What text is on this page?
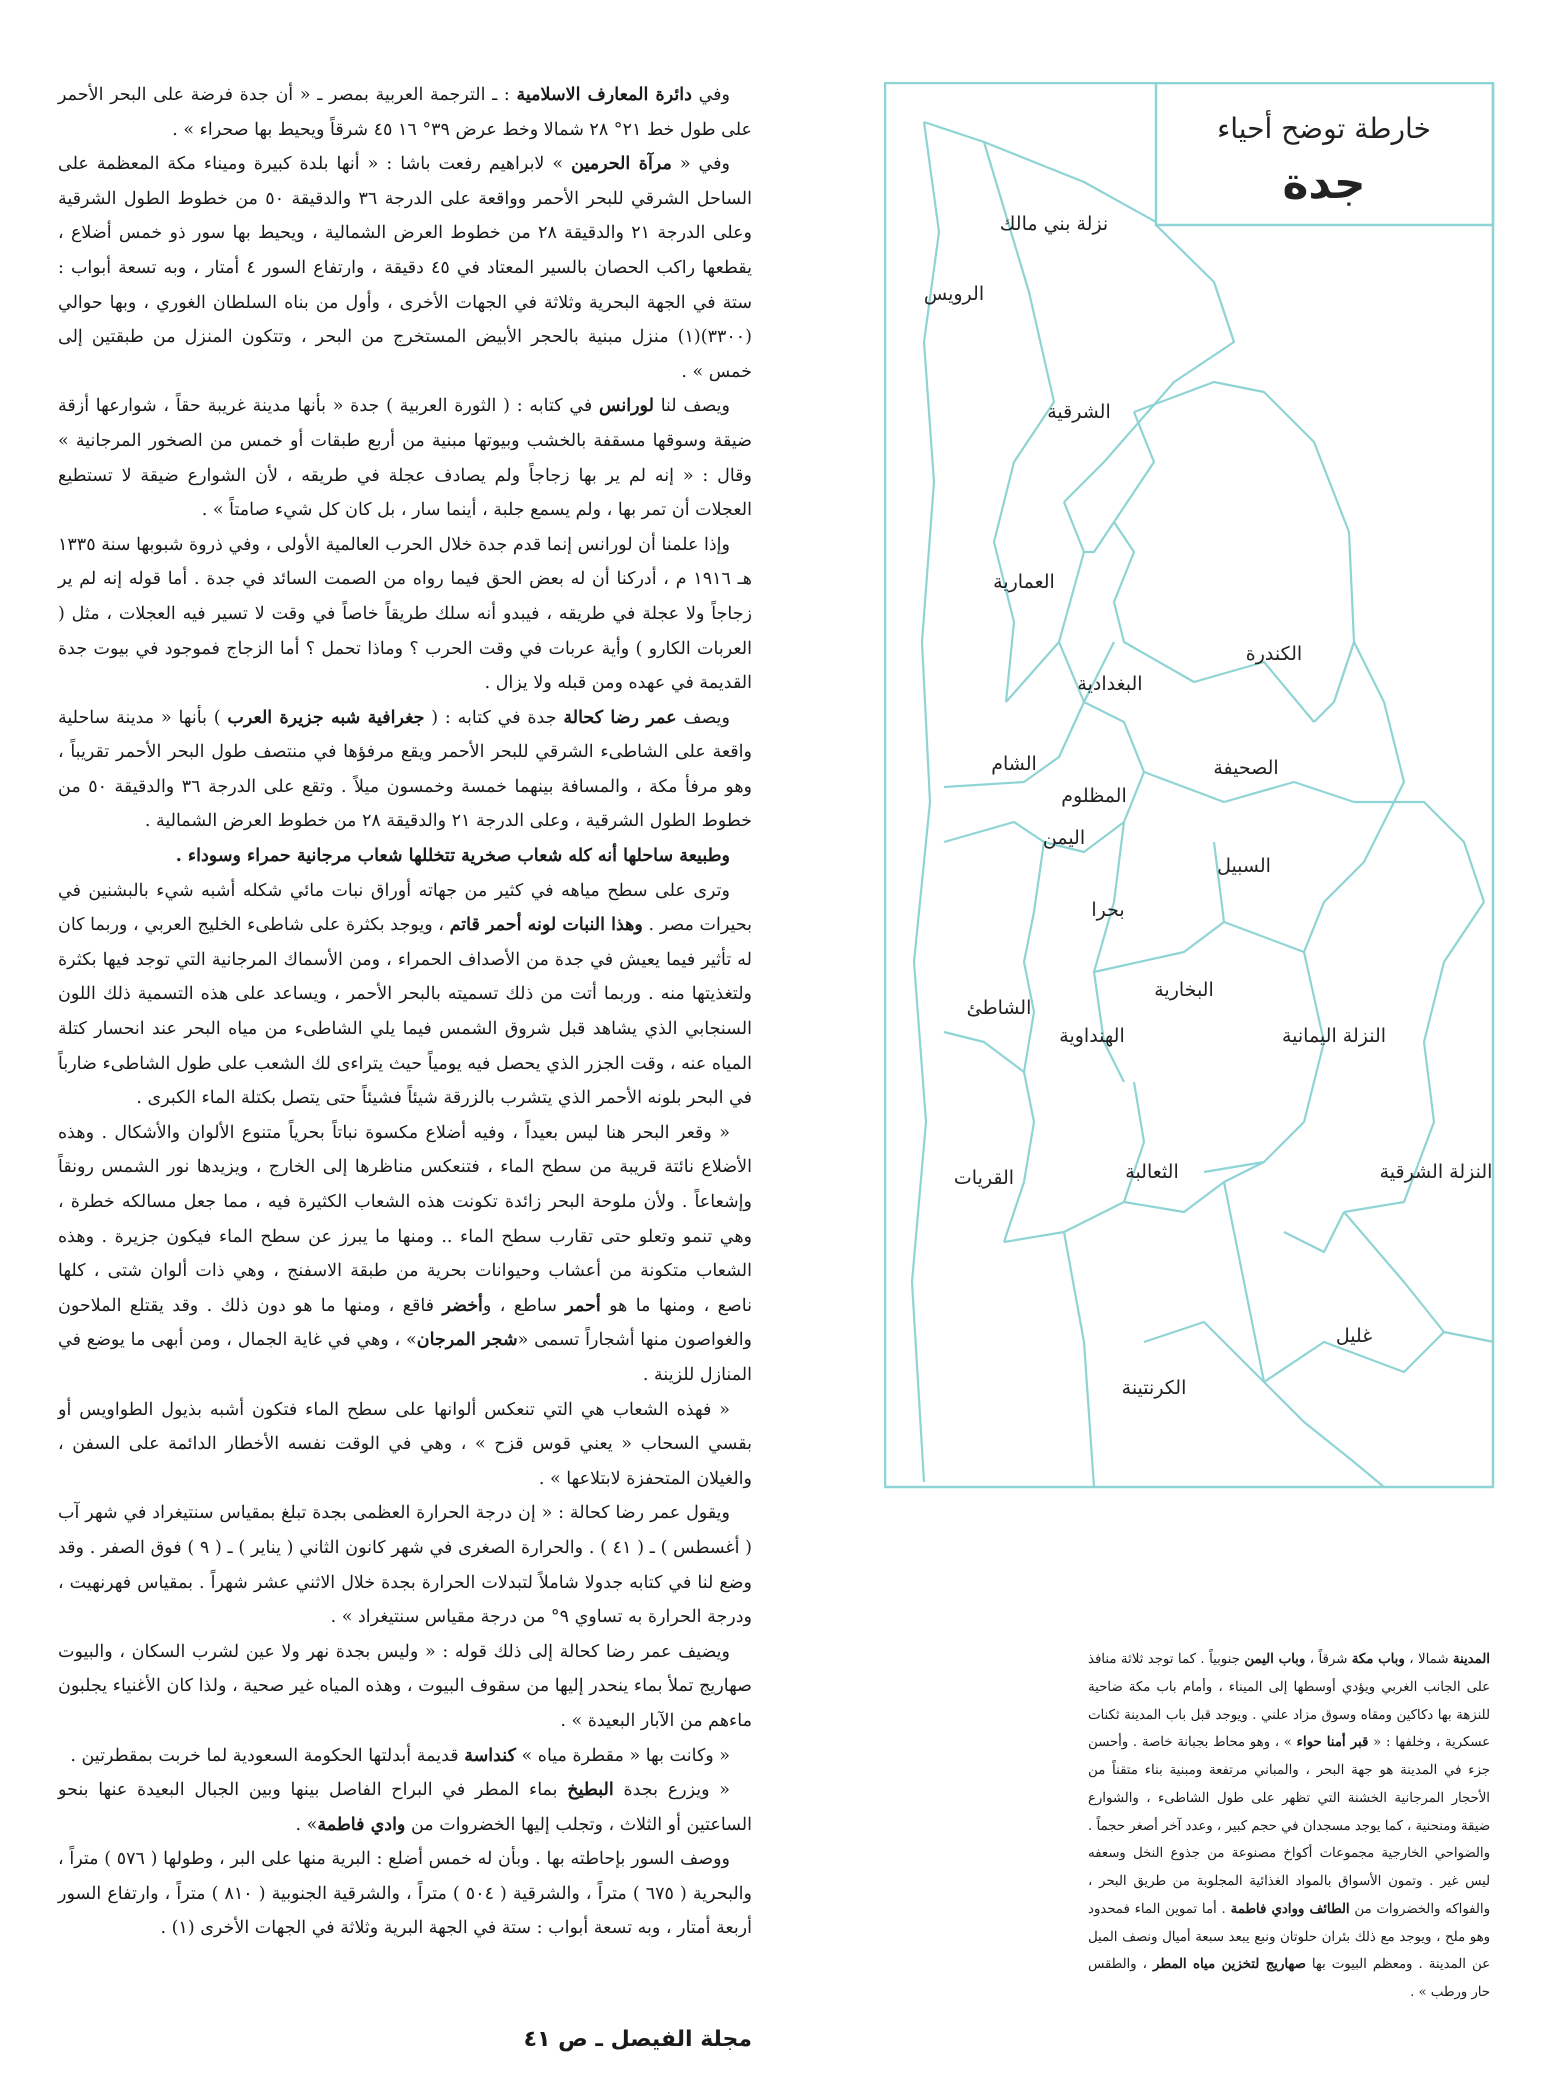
خارطة توضح أحياء
جدة
نزلة بني مالك
الرويس
الشرقية
العمارية
الكندرة
البغدادية
الشام	الصحيفة
المظلوم
اليمن
السبيل
بحرا
البخارية
الشاطئ
الهنداوية	النزلة اليمانية
القريات	الثعالبة	النزلة الشرقية
غليل
الكرنتينة

وفي دائرة المعارف الاسلامية : ـ الترجمة العربية بمصر ـ « أن جدة فرضة على البحر الأحمر على طول خط ٢١° ٢٨ شمالا وخط عرض ٣٩° ١٦ ٤٥ شرقاً ويحيط بها صحراء » .

وفي « مرآة الحرمين » لابراهيم رفعت باشا : « أنها بلدة كبيرة وميناء مكة المعظمة على الساحل الشرقي للبحر الأحمر وواقعة على الدرجة ٣٦ والدقيقة ٥٠ من خطوط الطول الشرقية وعلى الدرجة ٢١ والدقيقة ٢٨ من خطوط العرض الشمالية ، ويحيط بها سور ذو خمس أضلاع ، يقطعها راكب الحصان بالسير المعتاد في ٤٥ دقيقة ، وارتفاع السور ٤ أمتار ، وبه تسعة أبواب : ستة في الجهة البحرية وثلاثة في الجهات الأخرى ، وأول من بناه السلطان الغوري ، وبها حوالي (٣٣٠٠)(١) منزل مبنية بالحجر الأبيض المستخرج من البحر ، وتتكون المنزل من طبقتين إلى خمس » .

ويصف لنا لورانس في كتابه : ( الثورة العربية ) جدة « بأنها مدينة غريبة حقاً ، شوارعها أزقة ضيقة وسوقها مسقفة بالخشب وبيوتها مبنية من أربع طبقات أو خمس من الصخور المرجانية » وقال : « إنه لم ير بها زجاجاً ولم يصادف عجلة في طريقه ، لأن الشوارع ضيقة لا تستطيع العجلات أن تمر بها ، ولم يسمع جلبة ، أينما سار ، بل كان كل شيء صامتاً » .

وإذا علمنا أن لورانس إنما قدم جدة خلال الحرب العالمية الأولى ، وفي ذروة شبوبها سنة ١٣٣٥ هـ ١٩١٦ م ، أدركنا أن له بعض الحق فيما رواه من الصمت السائد في جدة . أما قوله إنه لم ير زجاجاً ولا عجلة في طريقه ، فيبدو أنه سلك طريقاً خاصاً في وقت لا تسير فيه العجلات ، مثل ( العربات الكارو ) وأية عربات في وقت الحرب ؟ وماذا تحمل ؟ أما الزجاج فموجود في بيوت جدة القديمة في عهده ومن قبله ولا يزال .

ويصف عمر رضا كحالة جدة في كتابه : ( جغرافية شبه جزيرة العرب ) بأنها « مدينة ساحلية واقعة على الشاطىء الشرقي للبحر الأحمر ويقع مرفؤها في منتصف طول البحر الأحمر تقريباً ، وهو مرفأ مكة ، والمسافة بينهما خمسة وخمسون ميلاً . وتقع على الدرجة ٣٦ والدقيقة ٥٠ من خطوط الطول الشرقية ، وعلى الدرجة ٢١ والدقيقة ٢٨ من خطوط العرض الشمالية .

وطبيعة ساحلها أنه كله شعاب صخرية تتخللها شعاب مرجانية حمراء وسوداء .

وترى على سطح مياهه في كثير من جهاته أوراق نبات مائي شكله أشبه شيء بالبشنين في بحيرات مصر . وهذا النبات لونه أحمر قاتم ، ويوجد بكثرة على شاطىء الخليج العربي ، وربما كان له تأثير فيما يعيش في جدة من الأصداف الحمراء ، ومن الأسماك المرجانية التي توجد فيها بكثرة ولتغذيتها منه . وربما أتت من ذلك تسميته بالبحر الأحمر ، ويساعد على هذه التسمية ذلك اللون السنجابي الذي يشاهد قبل شروق الشمس فيما يلي الشاطىء من مياه البحر عند انحسار كتلة المياه عنه ، وقت الجزر الذي يحصل فيه يومياً حيث يتراءى لك الشعب على طول الشاطىء ضارباً في البحر بلونه الأحمر الذي يتشرب بالزرقة شيئاً فشيئاً حتى يتصل بكتلة الماء الكبرى .

« وقعر البحر هنا ليس بعيداً ، وفيه أضلاع مكسوة نباتاً بحرياً متنوع الألوان والأشكال . وهذه الأضلاع نائتة قريبة من سطح الماء ، فتنعكس مناظرها إلى الخارج ، ويزيدها نور الشمس رونقاً وإشعاعاً . ولأن ملوحة البحر زائدة تكونت هذه الشعاب الكثيرة فيه ، مما جعل مسالكه خطرة ، وهي تنمو وتعلو حتى تقارب سطح الماء .. ومنها ما يبرز عن سطح الماء فيكون جزيرة . وهذه الشعاب متكونة من أعشاب وحيوانات بحرية من طبقة الاسفنج ، وهي ذات ألوان شتى ، كلها ناصع ، ومنها ما هو أحمر ساطع ، وأخضر فاقع ، ومنها ما هو دون ذلك . وقد يقتلع الملاحون والغواصون منها أشجاراً تسمى «شجر المرجان» ، وهي في غاية الجمال ، ومن أبهى ما يوضع في المنازل للزينة .

« فهذه الشعاب هي التي تنعكس ألوانها على سطح الماء فتكون أشبه بذيول الطواويس أو بقسي السحاب « يعني قوس قزح » ، وهي في الوقت نفسه الأخطار الدائمة على السفن ، والغيلان المتحفزة لابتلاعها » .

ويقول عمر رضا كحالة : « إن درجة الحرارة العظمى بجدة تبلغ بمقياس سنتيغراد في شهر آب ( أغسطس ) ـ ( ٤١ ) . والحرارة الصغرى في شهر كانون الثاني ( يناير ) ـ ( ٩ ) فوق الصفر . وقد وضع لنا في كتابه جدولا شاملاً لتبدلات الحرارة بجدة خلال الاثني عشر شهراً . بمقياس فهرنهيت ، ودرجة الحرارة به تساوي ٩° من درجة مقياس سنتيغراد » .

ويضيف عمر رضا كحالة إلى ذلك قوله : « وليس بجدة نهر ولا عين لشرب السكان ، والبيوت صهاريج تملأ بماء ينحدر إليها من سقوف البيوت ، وهذه المياه غير صحية ، ولذا كان الأغنياء يجلبون ماءهم من الآبار البعيدة » .

« وكانت بها « مقطرة مياه » كنداسة قديمة أبدلتها الحكومة السعودية لما خربت بمقطرتين .

« ويزرع بجدة البطيخ بماء المطر في البراح الفاصل بينها وبين الجبال البعيدة عنها بنحو الساعتين أو الثلاث ، وتجلب إليها الخضروات من وادي فاطمة» .

ووصف السور بإحاطته بها . وبأن له خمس أضلع : البرية منها على البر ، وطولها ( ٥٧٦ ) متراً ، والبحرية ( ٦٧٥ ) متراً ، والشرقية ( ٥٠٤ ) متراً ، والشرقية الجنوبية ( ٨١٠ ) متراً ، وارتفاع السور أربعة أمتار ، وبه تسعة أبواب : ستة في الجهة البرية وثلاثة في الجهات الأخرى (١) .

المدينة شمالا ، وباب مكة شرقاً ، وباب اليمن جنوبياً . كما توجد ثلاثة منافذ على الجانب الغربي ويؤدي أوسطها إلى الميناء ، وأمام باب مكة ضاحية للنزهة بها دكاكين ومقاه وسوق مزاد علني . ويوجد قبل باب المدينة ثكنات عسكرية ، وخلفها : « قبر أمنا حواء » ، وهو محاط بجبانة خاصة . وأحسن جزء في المدينة هو جهة البحر ، والمباني مرتفعة ومبنية بناء متقناً من الأحجار المرجانية الخشنة التي تظهر على طول الشاطىء ، والشوارع ضيقة ومنحنية ، كما يوجد مسجدان في حجم كبير ، وعدد آخر أصغر حجماً . والضواحي الخارجية مجموعات أكواخ مصنوعة من جذوع النخل وسعفه ليس غير . وتمون الأسواق بالمواد الغذائية المجلوبة من طريق البحر ، والفواكه والخضروات من الطائف ووادي فاطمة . أما تموين الماء فمحدود وهو ملح ، ويوجد مع ذلك بئران حلوتان ونبع يبعد سبعة أميال ونصف الميل عن المدينة . ومعظم البيوت بها صهاريج لتخزين مياه المطر ، والطقس حار ورطب » .

مجلة الفيصل ـ ص ٤١
